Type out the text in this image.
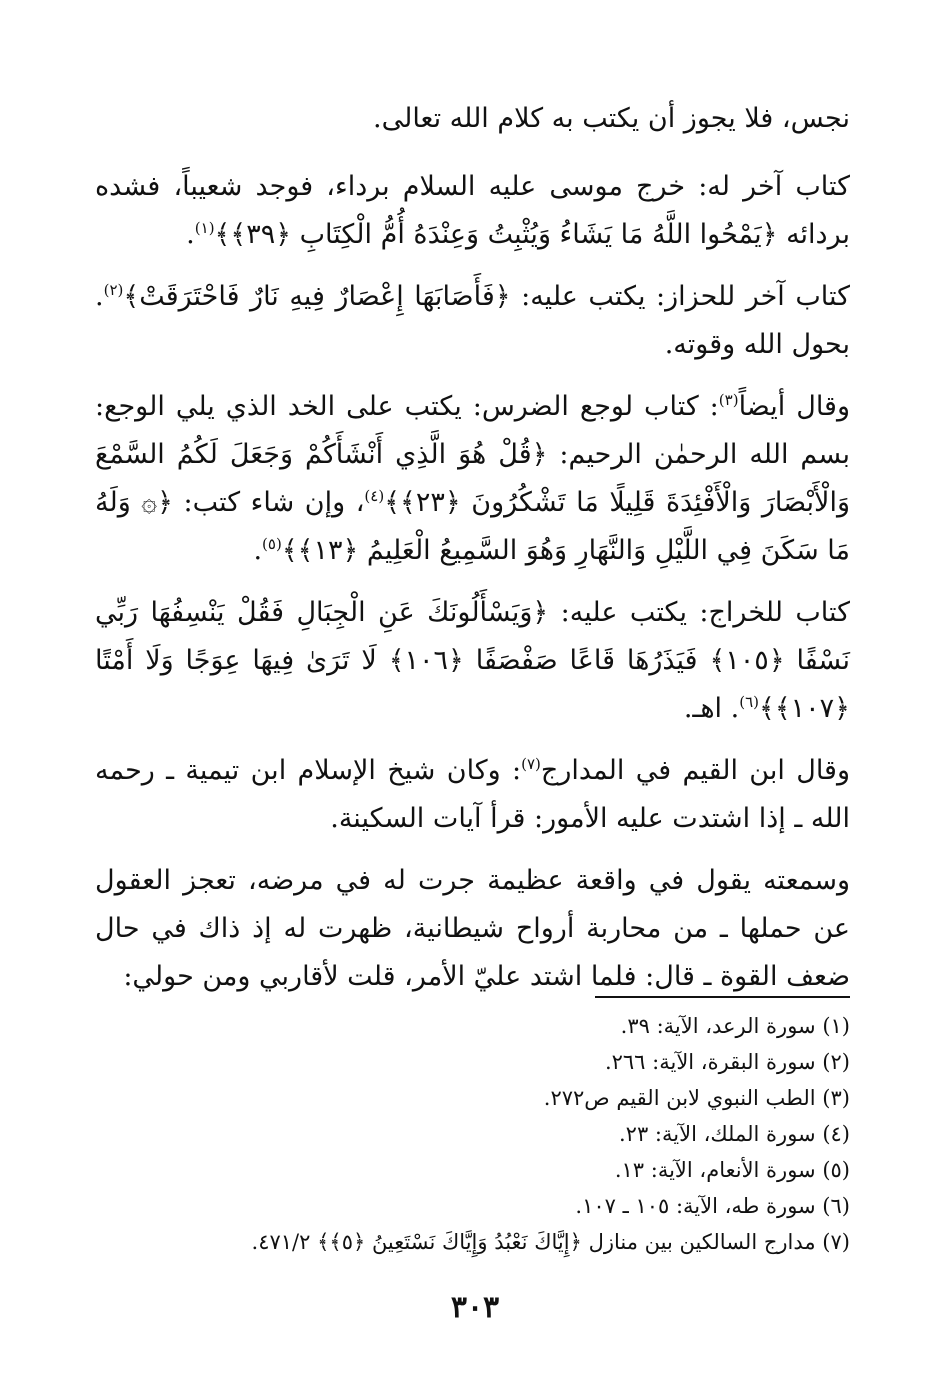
نجس، فلا يجوز أن يكتب به كلام الله تعالى.

كتاب آخر له: خرج موسى عليه السلام برداء، فوجد شعيباً، فشده بردائه ﴿يَمْحُوا اللَّهُ مَا يَشَاءُ وَيُثْبِتُ وَعِنْدَهُ أُمُّ الْكِتَابِ ﴿٣٩﴾﴾$^{(١)}$.

كتاب آخر للحزاز: يكتب عليه: ﴿فَأَصَابَهَا إِعْصَارٌ فِيهِ نَارٌ فَاحْتَرَقَتْ﴾$^{(٢)}$. بحول الله وقوته.

وقال أيضاً$^{(٣)}$: كتاب لوجع الضرس: يكتب على الخد الذي يلي الوجع: بسم الله الرحمٰن الرحيم: ﴿قُلْ هُوَ الَّذِي أَنْشَأَكُمْ وَجَعَلَ لَكُمُ السَّمْعَ وَالْأَبْصَارَ وَالْأَفْئِدَةَ قَلِيلًا مَا تَشْكُرُونَ ﴿٢٣﴾﴾$^{(٤)}$، وإن شاء كتب: ﴿۞ وَلَهُ مَا سَكَنَ فِي اللَّيْلِ وَالنَّهَارِ وَهُوَ السَّمِيعُ الْعَلِيمُ ﴿١٣﴾﴾$^{(٥)}$.

كتاب للخراج: يكتب عليه: ﴿وَيَسْأَلُونَكَ عَنِ الْجِبَالِ فَقُلْ يَنْسِفُهَا رَبِّي نَسْفًا ﴿١٠٥﴾ فَيَذَرُهَا قَاعًا صَفْصَفًا ﴿١٠٦﴾ لَا تَرَىٰ فِيهَا عِوَجًا وَلَا أَمْتًا ﴿١٠٧﴾﴾$^{(٦)}$. اهـ.

وقال ابن القيم في المدارج$^{(٧)}$: وكان شيخ الإسلام ابن تيمية ـ رحمه الله ـ إذا اشتدت عليه الأمور: قرأ آيات السكينة.

وسمعته يقول في واقعة عظيمة جرت له في مرضه، تعجز العقول عن حملها ـ من محاربة أرواح شيطانية، ظهرت له إذ ذاك في حال ضعف القوة ـ قال: فلما اشتد عليّ الأمر، قلت لأقاربي ومن حولي:

(١) سورة الرعد، الآية: ٣٩.

(٢) سورة البقرة، الآية: ٢٦٦.

(٣) الطب النبوي لابن القيم ص٢٧٢.

(٤) سورة الملك، الآية: ٢٣.

(٥) سورة الأنعام، الآية: ١٣.

(٦) سورة طه، الآية: ١٠٥ ـ ١٠٧.

(٧) مدارج السالكين بين منازل ﴿إِيَّاكَ نَعْبُدُ وَإِيَّاكَ نَسْتَعِينُ ﴿٥﴾﴾ ٤٧١/٢.

٣٠٣
